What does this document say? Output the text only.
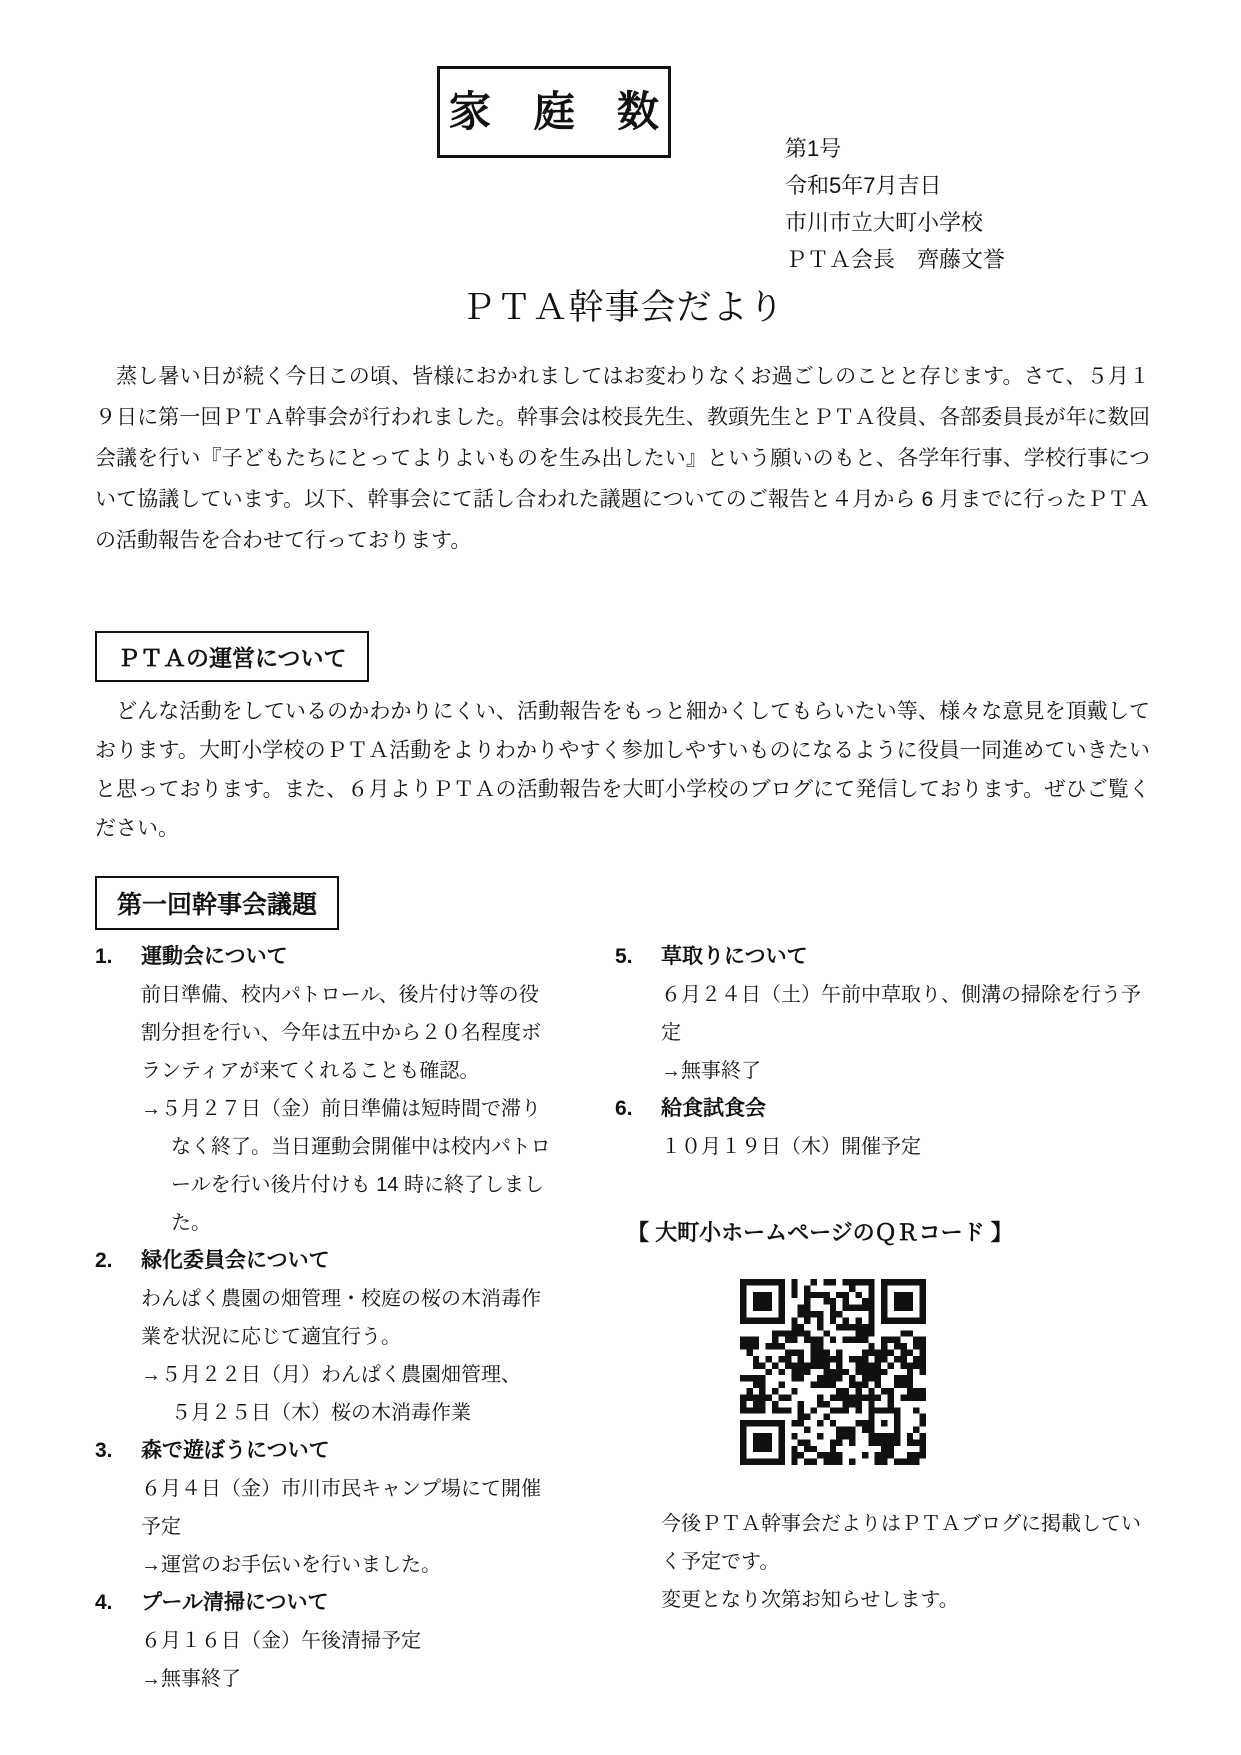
家　庭　数
第1号
令和5年7月吉日
市川市立大町小学校
ＰＴＡ会長　齊藤文誉
ＰＴＡ幹事会だより

　蒸し暑い日が続く今日この頃、皆様におかれましてはお変わりなくお過ごしのことと存じます。さて、５月１９日に第一回ＰＴＡ幹事会が行われました。幹事会は校長先生、教頭先生とＰＴＡ役員、各部委員長が年に数回会議を行い『子どもたちにとってよりよいものを生み出したい』という願いのもと、各学年行事、学校行事について協議しています。以下、幹事会にて話し合われた議題についてのご報告と４月から 6 月までに行ったＰＴＡの活動報告を合わせて行っております。

ＰＴＡの運営について

　どんな活動をしているのかわかりにくい、活動報告をもっと細かくしてもらいたい等、様々な意見を頂戴しております。大町小学校のＰＴＡ活動をよりわかりやすく参加しやすいものになるように役員一同進めていきたいと思っております。また、６月よりＰＴＡの活動報告を大町小学校のブログにて発信しております。ぜひご覧ください。

第一回幹事会議題
1. 運動会について
前日準備、校内パトロール、後片付け等の役割分担を行い、今年は五中から２０名程度ボランティアが来てくれることも確認。
→５月２７日（金）前日準備は短時間で滞りなく終了。当日運動会開催中は校内パトロールを行い後片付けも 14 時に終了しました。
2. 緑化委員会について
わんぱく農園の畑管理・校庭の桜の木消毒作業を状況に応じて適宜行う。
→５月２２日（月）わんぱく農園畑管理、
５月２５日（木）桜の木消毒作業
3. 森で遊ぼうについて
６月４日（金）市川市民キャンプ場にて開催予定
→運営のお手伝いを行いました。
4. プール清掃について
６月１６日（金）午後清掃予定
→無事終了
5. 草取りについて
６月２４日（土）午前中草取り、側溝の掃除を行う予定
→無事終了
6. 給食試食会
１０月１９日（木）開催予定
【 大町小ホームページのＱＲコード 】
今後ＰＴＡ幹事会だよりはＰＴＡブログに掲載していく予定です。
変更となり次第お知らせします。
